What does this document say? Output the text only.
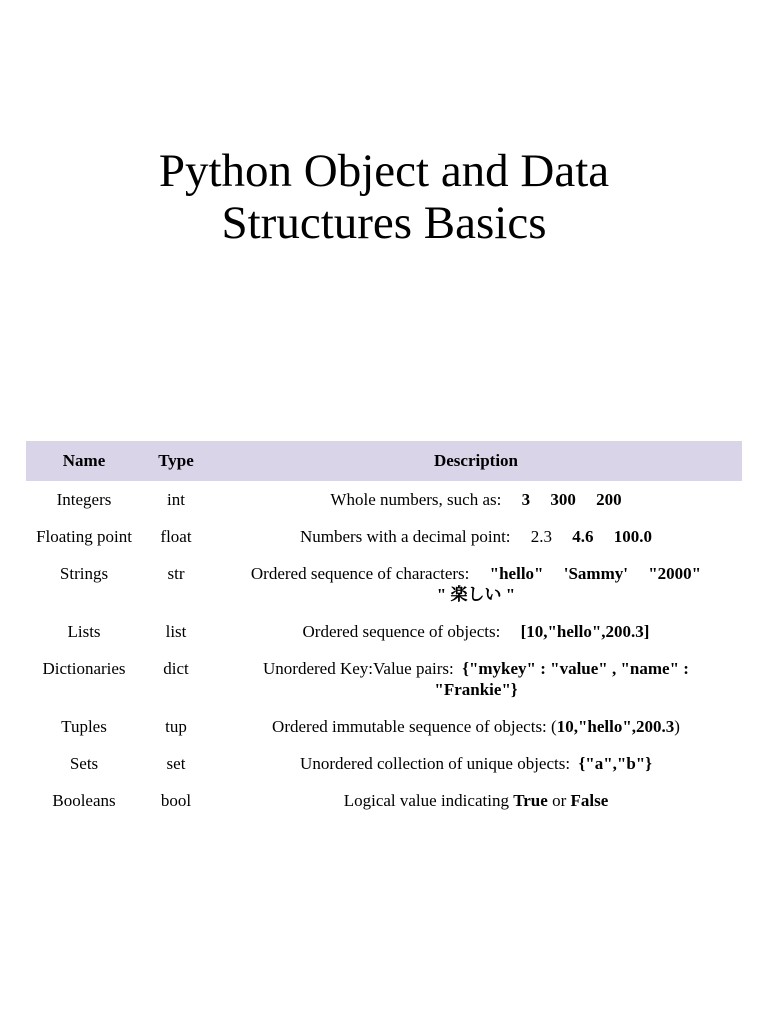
Python Object and Data
Structures Basics
Name	Type	Description
Integers	int	Whole numbers, such as: 3 300 200
Floating point	float	Numbers with a decimal point: 2.3 4.6 100.0
Strings	str	Ordered sequence of characters: "hello" 'Sammy' "2000"
" 楽しい "
Lists	list	Ordered sequence of objects: [10,"hello",200.3]
Dictionaries	dict	Unordered Key:Value pairs: {"mykey" : "value" , "name" :
"Frankie"}
Tuples	tup	Ordered immutable sequence of objects: (10,"hello",200.3)
Sets	set	Unordered collection of unique objects: {"a","b"}
Booleans	bool	Logical value indicating True or False
